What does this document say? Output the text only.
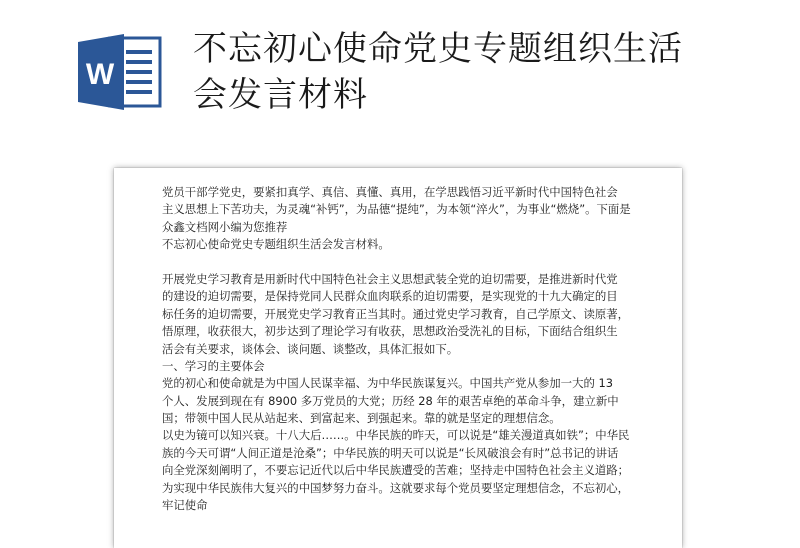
W
不忘初心使命党史专题组织生活
会发言材料
党员干部学党史，要紧扣真学、真信、真懂、真用，在学思践悟习近平新时代中国特色社会
主义思想上下苦功夫，为灵魂“补钙”，为品德“提纯”，为本领“淬火”，为事业“燃烧”。下面是
众鑫文档网小编为您推荐
不忘初心使命党史专题组织生活会发言材料。
开展党史学习教育是用新时代中国特色社会主义思想武装全党的迫切需要，是推进新时代党
的建设的迫切需要，是保持党同人民群众血肉联系的迫切需要，是实现党的十九大确定的目
标任务的迫切需要，开展党史学习教育正当其时。通过党史学习教育，自己学原文、读原著，
悟原理，收获很大，初步达到了理论学习有收获，思想政治受洗礼的目标，下面结合组织生
活会有关要求，谈体会、谈问题、谈整改，具体汇报如下。
一、学习的主要体会
党的初心和使命就是为中国人民谋幸福、为中华民族谋复兴。中国共产党从参加一大的 13
个人、发展到现在有 8900 多万党员的大党；历经 28 年的艰苦卓绝的革命斗争，建立新中
国；带领中国人民从站起来、到富起来、到强起来。靠的就是坚定的理想信念。
以史为镜可以知兴衰。十八大后……。中华民族的昨天，可以说是“雄关漫道真如铁”；中华民
族的今天可谓“人间正道是沧桑”；中华民族的明天可以说是“长风破浪会有时”总书记的讲话
向全党深刻阐明了，不要忘记近代以后中华民族遭受的苦难；坚持走中国特色社会主义道路；
为实现中华民族伟大复兴的中国梦努力奋斗。这就要求每个党员要坚定理想信念，不忘初心，
牢记使命
